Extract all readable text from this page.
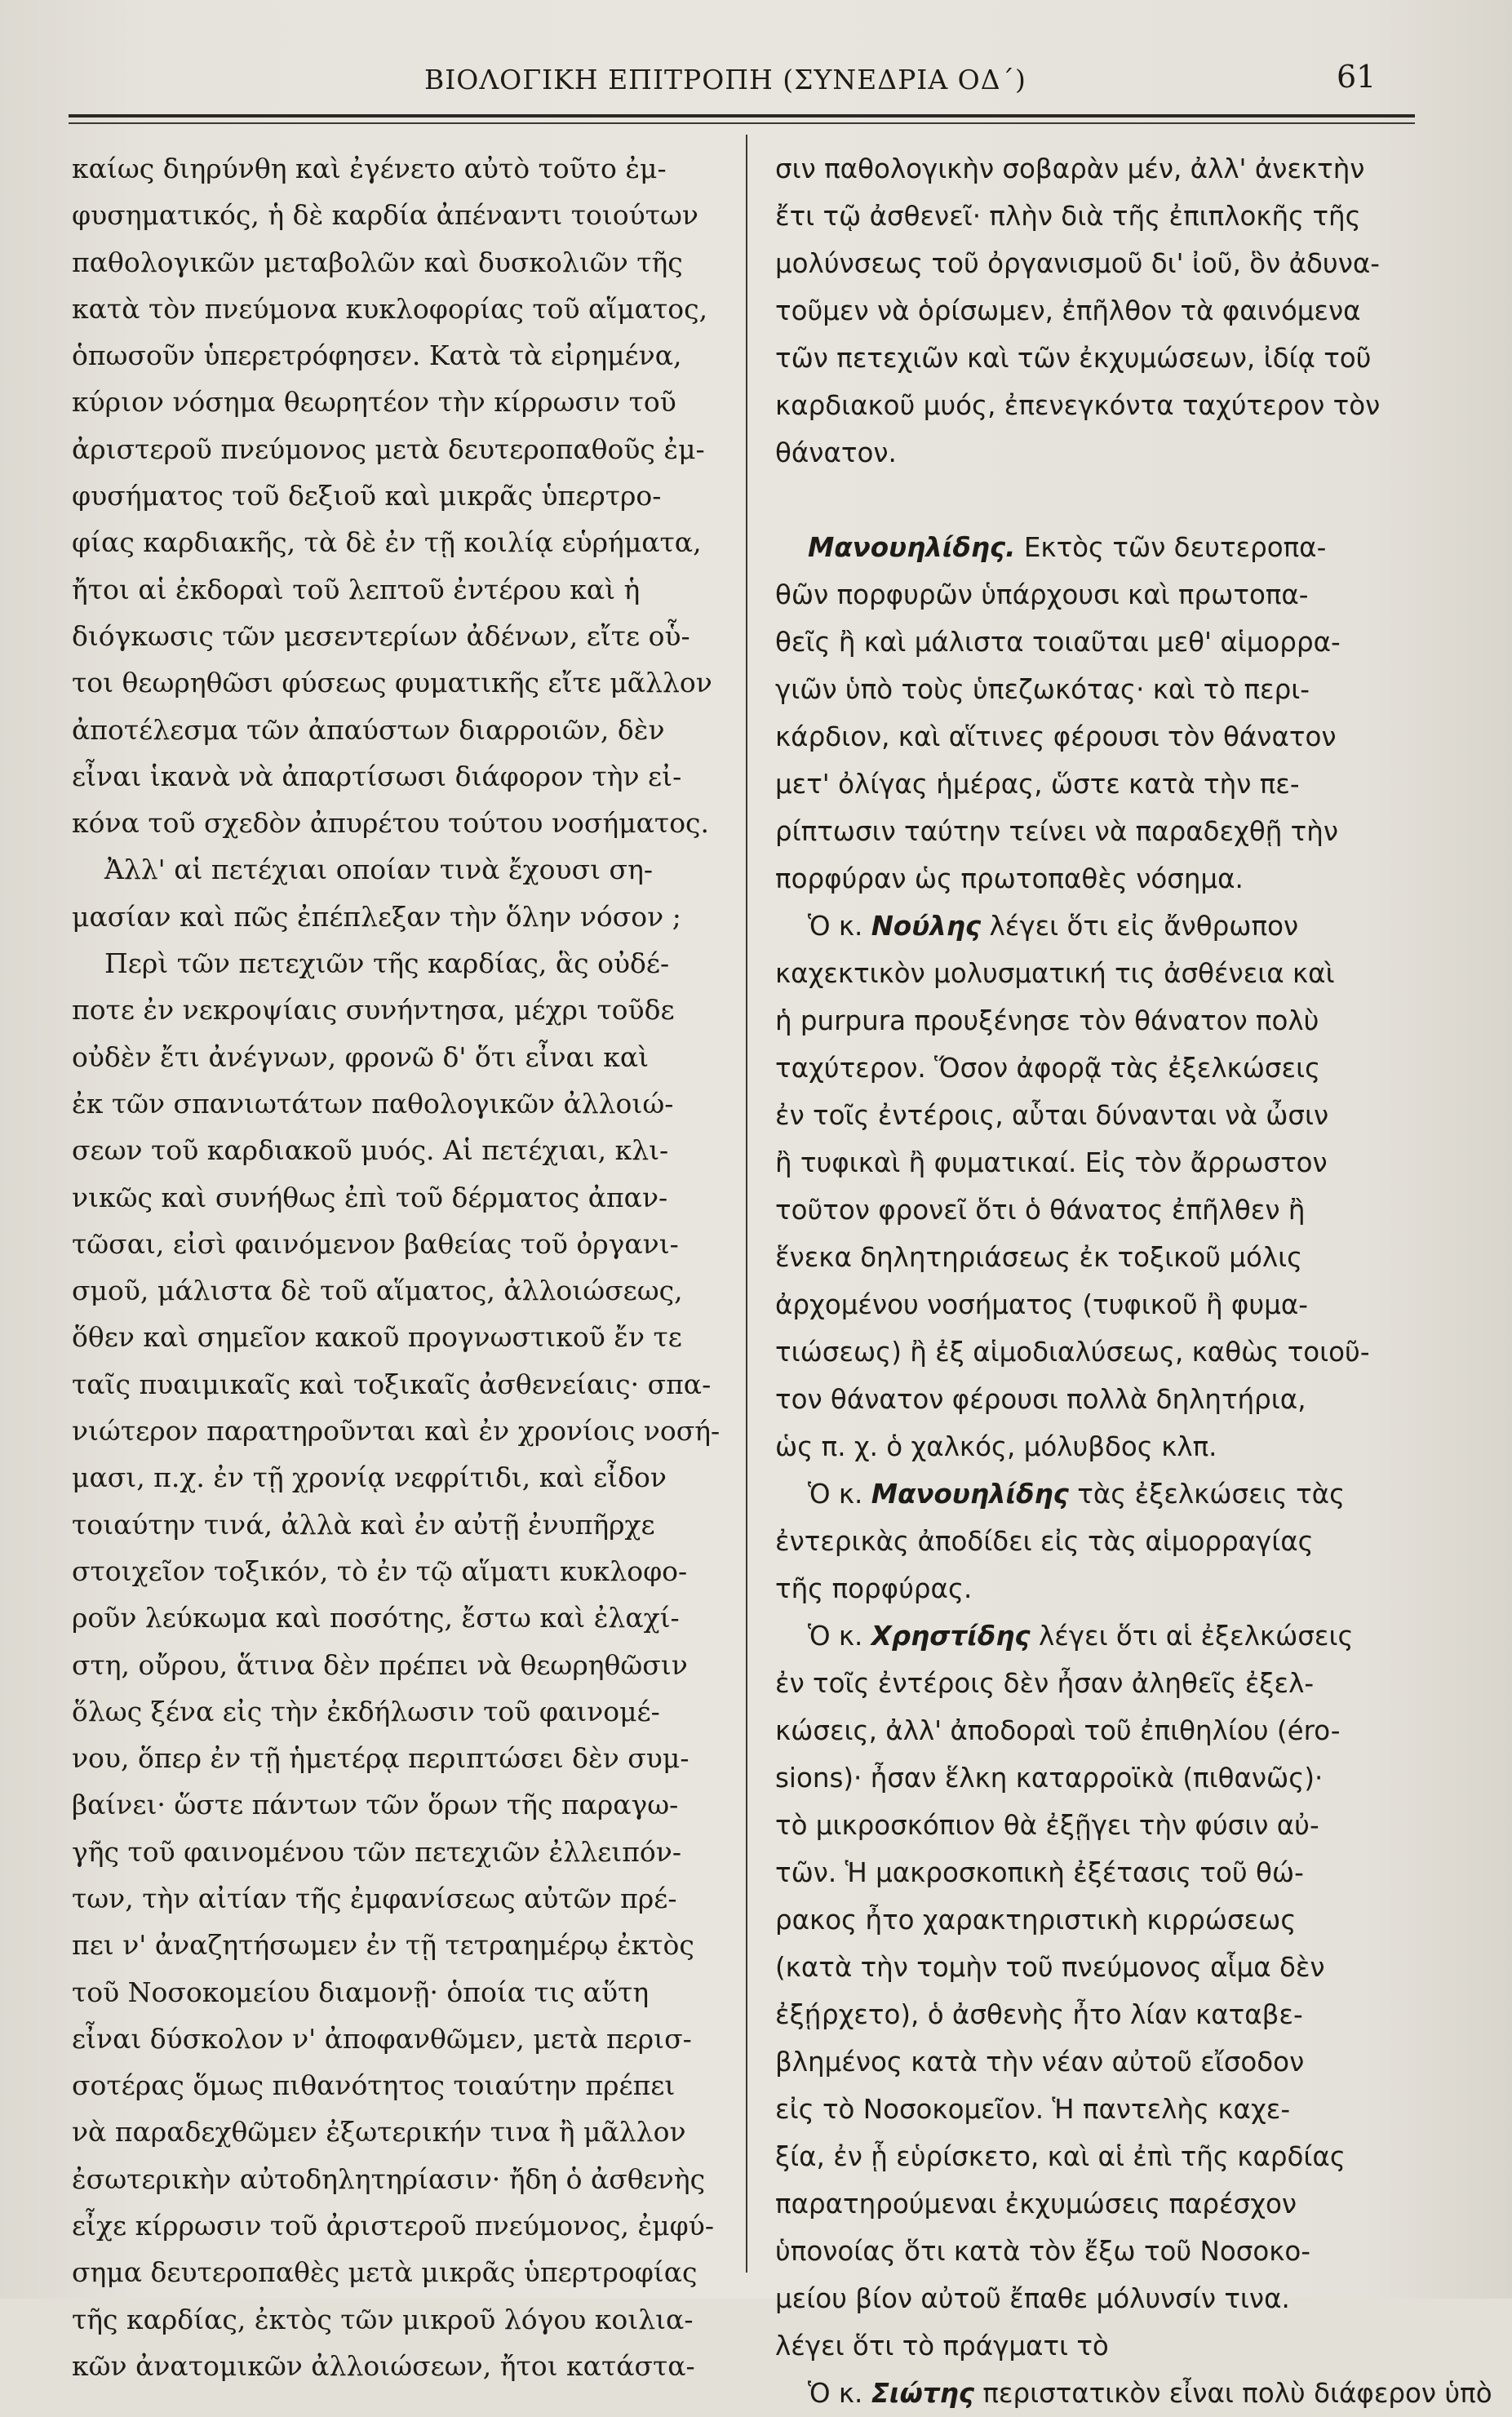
ΒΙΟΛΟΓΙΚΗ ΕΠΙΤΡΟΠΗ (ΣΥΝΕΔΡΙΑ ΟΔ΄)	61
καίως διηρύνθη καὶ ἐγένετο αὐτὸ τοῦτο ἐμ-
φυσηματικός, ἡ δὲ καρδία ἀπέναντι τοιούτων
παθολογικῶν μεταβολῶν καὶ δυσκολιῶν τῆς
κατὰ τὸν πνεύμονα κυκλοφορίας τοῦ αἵματος,
ὁπωσοῦν ὑπερετρόφησεν. Κατὰ τὰ εἰρημένα,
κύριον νόσημα θεωρητέον τὴν κίρρωσιν τοῦ
ἀριστεροῦ πνεύμονος μετὰ δευτεροπαθοῦς ἐμ-
φυσήματος τοῦ δεξιοῦ καὶ μικρᾶς ὑπερτρο-
φίας καρδιακῆς, τὰ δὲ ἐν τῇ κοιλίᾳ εὑρήματα,
ἤτοι αἱ ἐκδοραὶ τοῦ λεπτοῦ ἐντέρου καὶ ἡ
διόγκωσις τῶν μεσεντερίων ἀδένων, εἴτε οὗ-
τοι θεωρηθῶσι φύσεως φυματικῆς εἴτε μᾶλλον
ἀποτέλεσμα τῶν ἀπαύστων διαρροιῶν, δὲν
εἶναι ἱκανὰ νὰ ἀπαρτίσωσι διάφορον τὴν εἰ-
κόνα τοῦ σχεδὸν ἀπυρέτου τούτου νοσήματος.
Ἀλλ' αἱ πετέχιαι οποίαν τινὰ ἔχουσι ση-
μασίαν καὶ πῶς ἐπέπλεξαν τὴν ὅλην νόσον ;
Περὶ τῶν πετεχιῶν τῆς καρδίας, ἃς οὐδέ-
ποτε ἐν νεκροψίαις συνήντησα, μέχρι τοῦδε
οὐδὲν ἔτι ἀνέγνων, φρονῶ δ' ὅτι εἶναι καὶ
ἐκ τῶν σπανιωτάτων παθολογικῶν ἀλλοιώ-
σεων τοῦ καρδιακοῦ μυός. Αἱ πετέχιαι, κλι-
νικῶς καὶ συνήθως ἐπὶ τοῦ δέρματος ἀπαν-
τῶσαι, εἰσὶ φαινόμενον βαθείας τοῦ ὀργανι-
σμοῦ, μάλιστα δὲ τοῦ αἵματος, ἀλλοιώσεως,
ὅθεν καὶ σημεῖον κακοῦ προγνωστικοῦ ἔν τε
ταῖς πυαιμικαῖς καὶ τοξικαῖς ἀσθενείαις· σπα-
νιώτερον παρατηροῦνται καὶ ἐν χρονίοις νοσή-
μασι, π.χ. ἐν τῇ χρονίᾳ νεφρίτιδι, καὶ εἶδον
τοιαύτην τινά, ἀλλὰ καὶ ἐν αὐτῇ ἐνυπῆρχε
στοιχεῖον τοξικόν, τὸ ἐν τῷ αἵματι κυκλοφο-
ροῦν λεύκωμα καὶ ποσότης, ἔστω καὶ ἐλαχί-
στη, οὔρου, ἅτινα δὲν πρέπει νὰ θεωρηθῶσιν
ὅλως ξένα εἰς τὴν ἐκδήλωσιν τοῦ φαινομέ-
νου, ὅπερ ἐν τῇ ἡμετέρᾳ περιπτώσει δὲν συμ-
βαίνει· ὥστε πάντων τῶν ὅρων τῆς παραγω-
γῆς τοῦ φαινομένου τῶν πετεχιῶν ἐλλειπόν-
των, τὴν αἰτίαν τῆς ἐμφανίσεως αὐτῶν πρέ-
πει ν' ἀναζητήσωμεν ἐν τῇ τετραημέρῳ ἐκτὸς
τοῦ Νοσοκομείου διαμονῇ· ὁποία τις αὕτη
εἶναι δύσκολον ν' ἀποφανθῶμεν, μετὰ περισ-
σοτέρας ὅμως πιθανότητος τοιαύτην πρέπει
νὰ παραδεχθῶμεν ἐξωτερικήν τινα ἢ μᾶλλον
ἐσωτερικὴν αὐτοδηλητηρίασιν· ἤδη ὁ ἀσθενὴς
εἶχε κίρρωσιν τοῦ ἀριστεροῦ πνεύμονος, ἐμφύ-
σημα δευτεροπαθὲς μετὰ μικρᾶς ὑπερτροφίας
τῆς καρδίας, ἐκτὸς τῶν μικροῦ λόγου κοιλια-
κῶν ἀνατομικῶν ἀλλοιώσεων, ἤτοι κατάστα-
σιν παθολογικὴν σοβαρὰν μέν, ἀλλ' ἀνεκτὴν
ἔτι τῷ ἀσθενεῖ· πλὴν διὰ τῆς ἐπιπλοκῆς τῆς
μολύνσεως τοῦ ὀργανισμοῦ δι' ἰοῦ, ὃν ἀδυνα-
τοῦμεν νὰ ὁρίσωμεν, ἐπῆλθον τὰ φαινόμενα
τῶν πετεχιῶν καὶ τῶν ἐκχυμώσεων, ἰδίᾳ τοῦ
καρδιακοῦ μυός, ἐπενεγκόντα ταχύτερον τὸν
θάνατον.
Μανουηλίδης. Εκτὸς τῶν δευτεροπα-
θῶν πορφυρῶν ὑπάρχουσι καὶ πρωτοπα-
θεῖς ἢ καὶ μάλιστα τοιαῦται μεθ' αἱμορρα-
γιῶν ὑπὸ τοὺς ὑπεζωκότας· καὶ τὸ περι-
κάρδιον, καὶ αἵτινες φέρουσι τὸν θάνατον
μετ' ὀλίγας ἡμέρας, ὥστε κατὰ τὴν πε-
ρίπτωσιν ταύτην τείνει νὰ παραδεχθῇ τὴν
πορφύραν ὡς πρωτοπαθὲς νόσημα.
Ὁ κ. Νούλης λέγει ὅτι εἰς ἄνθρωπον
καχεκτικὸν μολυσματική τις ἀσθένεια καὶ
ἡ purpura προυξένησε τὸν θάνατον πολὺ
ταχύτερον. Ὅσον ἀφορᾷ τὰς ἐξελκώσεις
ἐν τοῖς ἐντέροις, αὗται δύνανται νὰ ὦσιν
ἢ τυφικαὶ ἢ φυματικαί. Εἰς τὸν ἄρρωστον
τοῦτον φρονεῖ ὅτι ὁ θάνατος ἐπῆλθεν ἢ
ἕνεκα δηλητηριάσεως ἐκ τοξικοῦ μόλις
ἀρχομένου νοσήματος (τυφικοῦ ἢ φυμα-
τιώσεως) ἢ ἐξ αἱμοδιαλύσεως, καθὼς τοιοῦ-
τον θάνατον φέρουσι πολλὰ δηλητήρια,
ὡς π. χ. ὁ χαλκός, μόλυβδος κλπ.
Ὁ κ. Μανουηλίδης τὰς ἐξελκώσεις τὰς
ἐντερικὰς ἀποδίδει εἰς τὰς αἱμορραγίας
τῆς πορφύρας.
Ὁ κ. Χρηστίδης λέγει ὅτι αἱ ἐξελκώσεις
ἐν τοῖς ἐντέροις δὲν ἦσαν ἀληθεῖς ἐξελ-
κώσεις, ἀλλ' ἀποδοραὶ τοῦ ἐπιθηλίου (éro-
sions)· ἦσαν ἕλκη καταρροϊκὰ (πιθανῶς)·
τὸ μικροσκόπιον θὰ ἐξῇγει τὴν φύσιν αὐ-
τῶν. Ἡ μακροσκοπικὴ ἐξέτασις τοῦ θώ-
ρακος ἦτο χαρακτηριστικὴ κιρρώσεως
(κατὰ τὴν τομὴν τοῦ πνεύμονος αἷμα δὲν
ἐξῄρχετο), ὁ ἀσθενὴς ἦτο λίαν καταβε-
βλημένος κατὰ τὴν νέαν αὐτοῦ εἴσοδον
εἰς τὸ Νοσοκομεῖον. Ἡ παντελὴς καχε-
ξία, ἐν ᾗ εὑρίσκετο, καὶ αἱ ἐπὶ τῆς καρδίας
παρατηρούμεναι ἐκχυμώσεις παρέσχον
ὑπονοίας ὅτι κατὰ τὸν ἔξω τοῦ Νοσοκο-
μείου βίον αὐτοῦ ἔπαθε μόλυνσίν τινα.
λέγει ὅτι τὸ πράγματι τὸ
Ὁ κ. Σιώτης περιστατικὸν εἶναι πολὺ διάφερον ὑπὸ
